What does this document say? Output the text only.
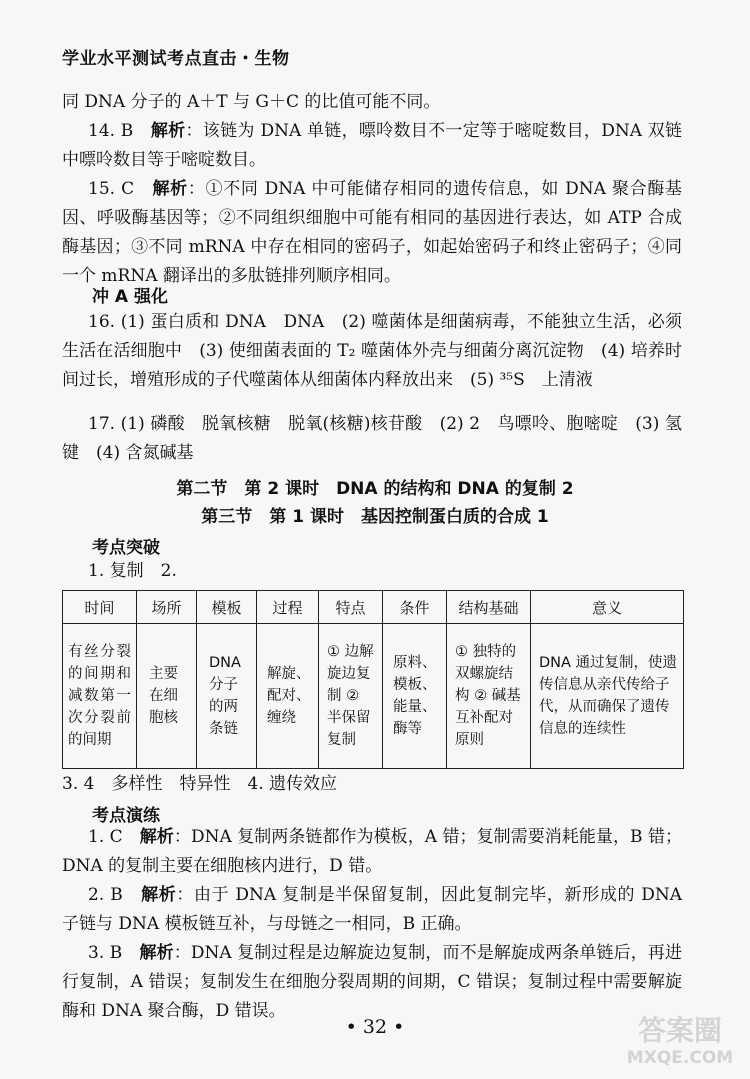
学业水平测试考点直击・生物
同 DNA 分子的 A＋T 与 G＋C 的比值可能不同。
14. B　 解析：该链为 DNA 单链，嘌呤数目不一定等于嘧啶数目，DNA 双链中嘌呤数目等于嘧啶数目。
15. C　 解析：①不同 DNA 中可能储存相同的遗传信息，如 DNA 聚合酶基因、呼吸酶基因等；②不同组织细胞中可能有相同的基因进行表达，如 ATP 合成酶基因；③不同 mRNA 中存在相同的密码子，如起始密码子和终止密码子；④同一个 mRNA 翻译出的多肽链排列顺序相同。
冲 A 强化
16. (1) 蛋白质和 DNA　DNA　(2) 噬菌体是细菌病毒，不能独立生活，必须生活在活细胞中　(3) 使细菌表面的 T₂ 噬菌体外壳与细菌分离沉淀物　(4) 培养时间过长，增殖形成的子代噬菌体从细菌体内释放出来　(5) ³⁵S　上清液
17. (1) 磷酸　脱氧核糖　脱氧(核糖)核苷酸　(2) 2　鸟嘌呤、胞嘧啶　(3) 氢键　(4) 含氮碱基
第二节　第 2 课时　DNA 的结构和 DNA 的复制 2
第三节　第 1 课时　基因控制蛋白质的合成 1
考点突破
1. 复制　2.
时间	场所	模板	过程	特点	条件	结构基础	意义
有丝分裂的间期和减数第一次分裂前的间期	主要在细胞核	DNA 分子的两条链	解旋、配对、缠绕	① 边解旋边复制 ② 半保留复制	原料、模板、能量、酶等	① 独特的双螺旋结构 ② 碱基互补配对原则	DNA 通过复制，使遗传信息从亲代传给子代，从而确保了遗传信息的连续性
3. 4　多样性　特异性　4. 遗传效应
考点演练
1. C　 解析：DNA 复制两条链都作为模板，A 错；复制需要消耗能量，B 错；DNA 的复制主要在细胞核内进行，D 错。
2. B　 解析：由于 DNA 复制是半保留复制，因此复制完毕，新形成的 DNA 子链与 DNA 模板链互补，与母链之一相同，B 正确。
3. B　 解析：DNA 复制过程是边解旋边复制，而不是解旋成两条单链后，再进行复制，A 错误；复制发生在细胞分裂周期的间期，C 错误；复制过程中需要解旋酶和 DNA 聚合酶，D 错误。
• 32 •	答案圈
MXQE.COM
